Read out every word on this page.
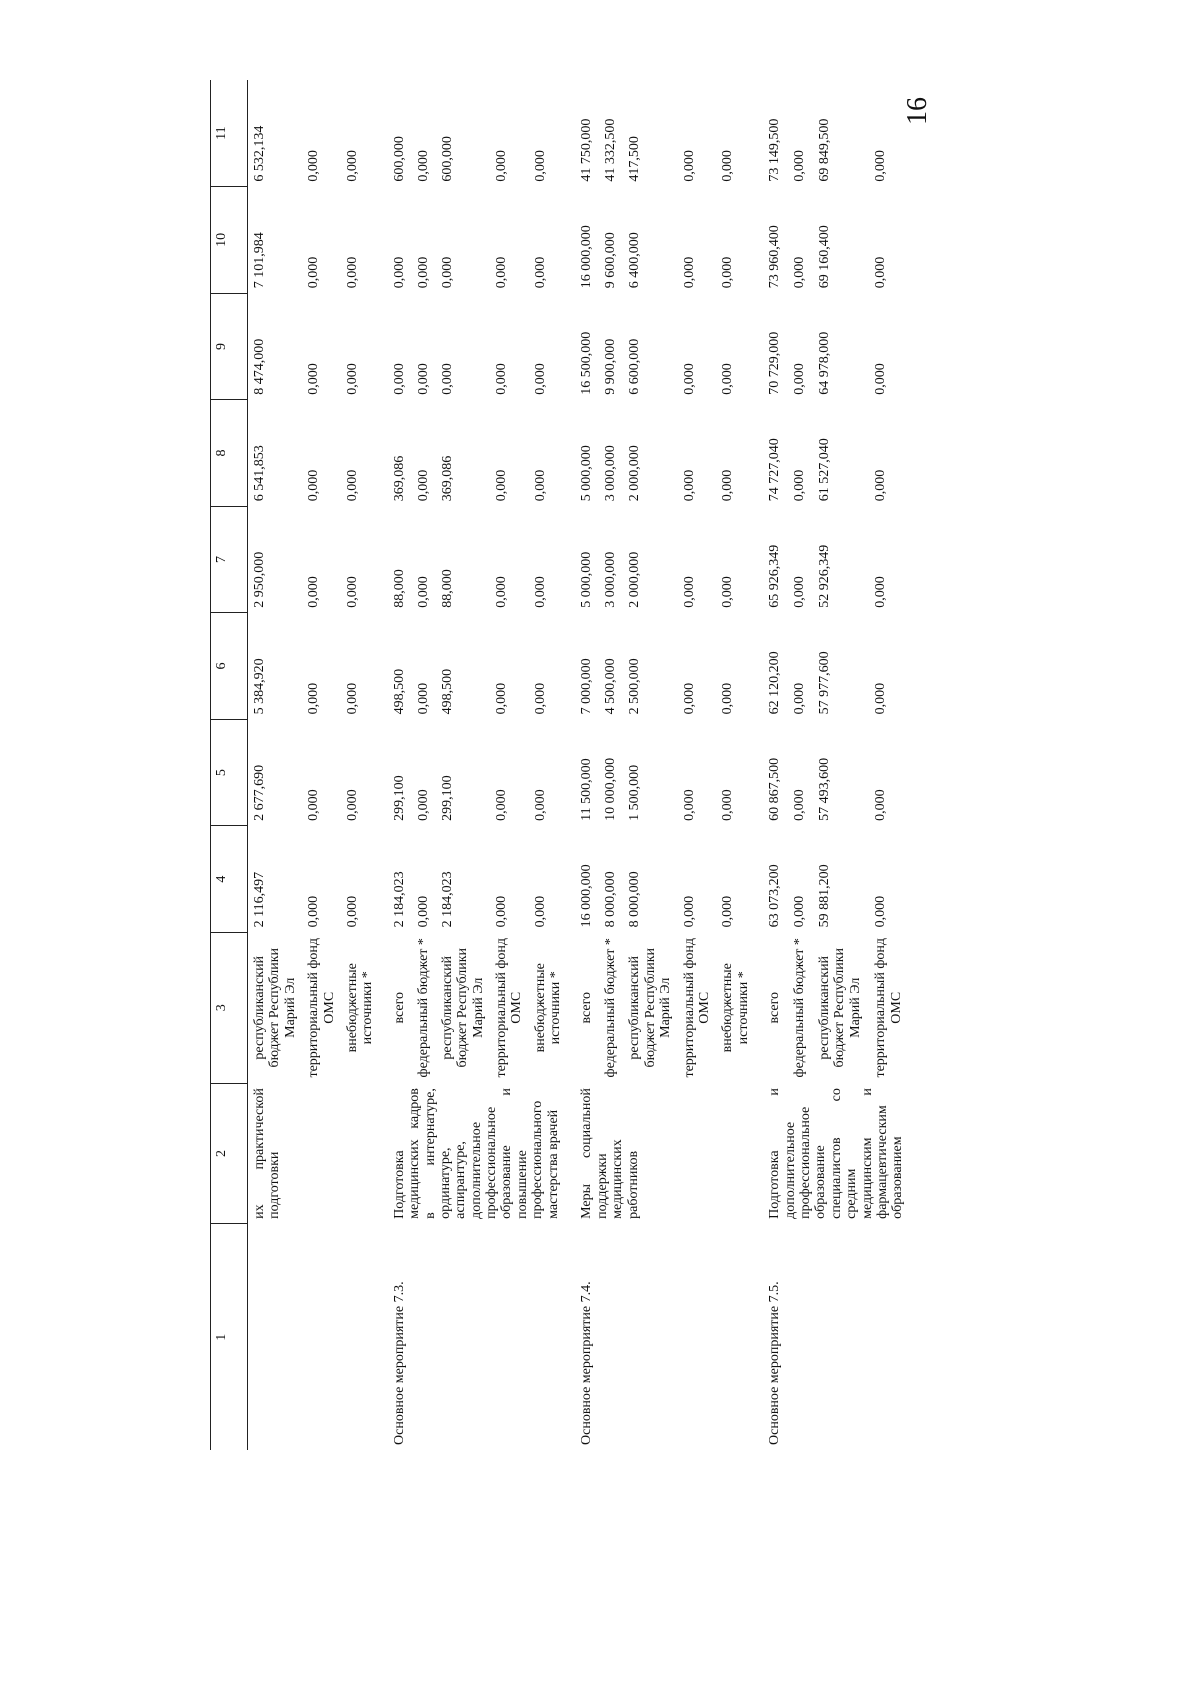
16
1	2	3	4	5	6	7	8	9	10	11
	их практической подготовки	республиканский бюджет Республики Марий Эл	2 116,497	2 677,690	5 384,920	2 950,000	6 541,853	8 474,000	7 101,984	6 532,134
		территориальный фонд ОМС	0,000	0,000	0,000	0,000	0,000	0,000	0,000	0,000
		внебюджетные источники *	0,000	0,000	0,000	0,000	0,000	0,000	0,000	0,000

Основное мероприятие 7.3.	Подготовка медицинских кадров в интернатуре, ординатуре, аспирантуре, дополнительное профессиональное образование и повышение профессионального мастерства врачей	всего	2 184,023	299,100	498,500	88,000	369,086	0,000	0,000	600,000
		федеральный бюджет *	0,000	0,000	0,000	0,000	0,000	0,000	0,000	0,000
		республиканский бюджет Республики Марий Эл	2 184,023	299,100	498,500	88,000	369,086	0,000	0,000	600,000
		территориальный фонд ОМС	0,000	0,000	0,000	0,000	0,000	0,000	0,000	0,000
		внебюджетные источники *	0,000	0,000	0,000	0,000	0,000	0,000	0,000	0,000

Основное мероприятие 7.4.	Меры социальной поддержки медицинских работников	всего	16 000,000	11 500,000	7 000,000	5 000,000	5 000,000	16 500,000	16 000,000	41 750,000
		федеральный бюджет *	8 000,000	10 000,000	4 500,000	3 000,000	3 000,000	9 900,000	9 600,000	41 332,500
		республиканский бюджет Республики Марий Эл	8 000,000	1 500,000	2 500,000	2 000,000	2 000,000	6 600,000	6 400,000	417,500
		территориальный фонд ОМС	0,000	0,000	0,000	0,000	0,000	0,000	0,000	0,000
		внебюджетные источники *	0,000	0,000	0,000	0,000	0,000	0,000	0,000	0,000

Основное мероприятие 7.5.	Подготовка и дополнительное профессиональное образование специалистов со средним медицинским и фармацевтическим образованием	всего	63 073,200	60 867,500	62 120,200	65 926,349	74 727,040	70 729,000	73 960,400	73 149,500
		федеральный бюджет *	0,000	0,000	0,000	0,000	0,000	0,000	0,000	0,000
		республиканский бюджет Республики Марий Эл	59 881,200	57 493,600	57 977,600	52 926,349	61 527,040	64 978,000	69 160,400	69 849,500
		территориальный фонд ОМС	0,000	0,000	0,000	0,000	0,000	0,000	0,000	0,000
